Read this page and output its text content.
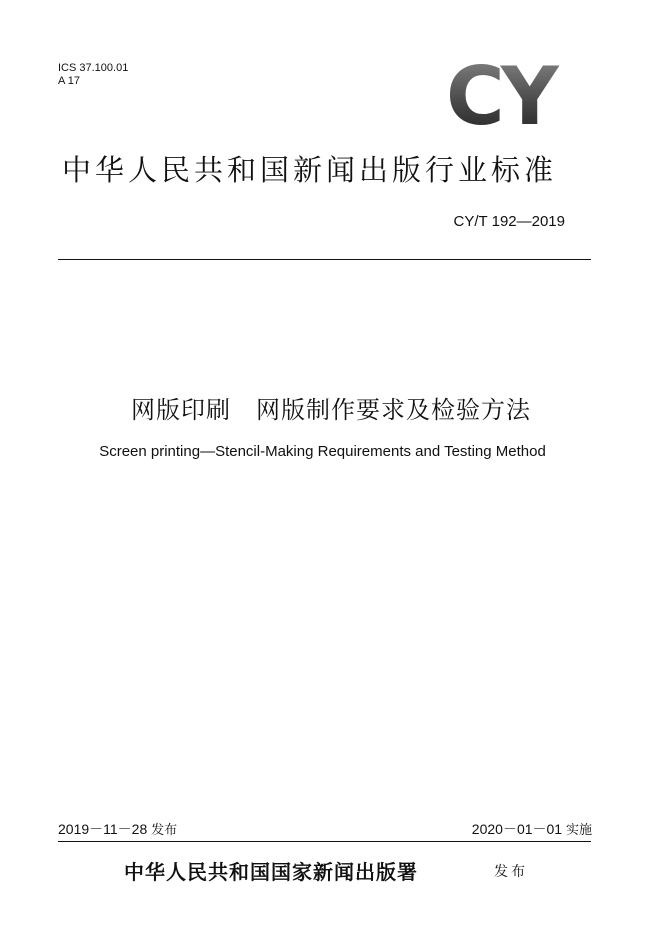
ICS 37.100.01
A 17	CY
中华人民共和国新闻出版行业标准
CY/T 192—2019
网版印刷　网版制作要求及检验方法
Screen printing—Stencil-Making Requirements and Testing Method
2019－11－28 发布	2020－01－01 实施
中华人民共和国国家新闻出版署	发布
